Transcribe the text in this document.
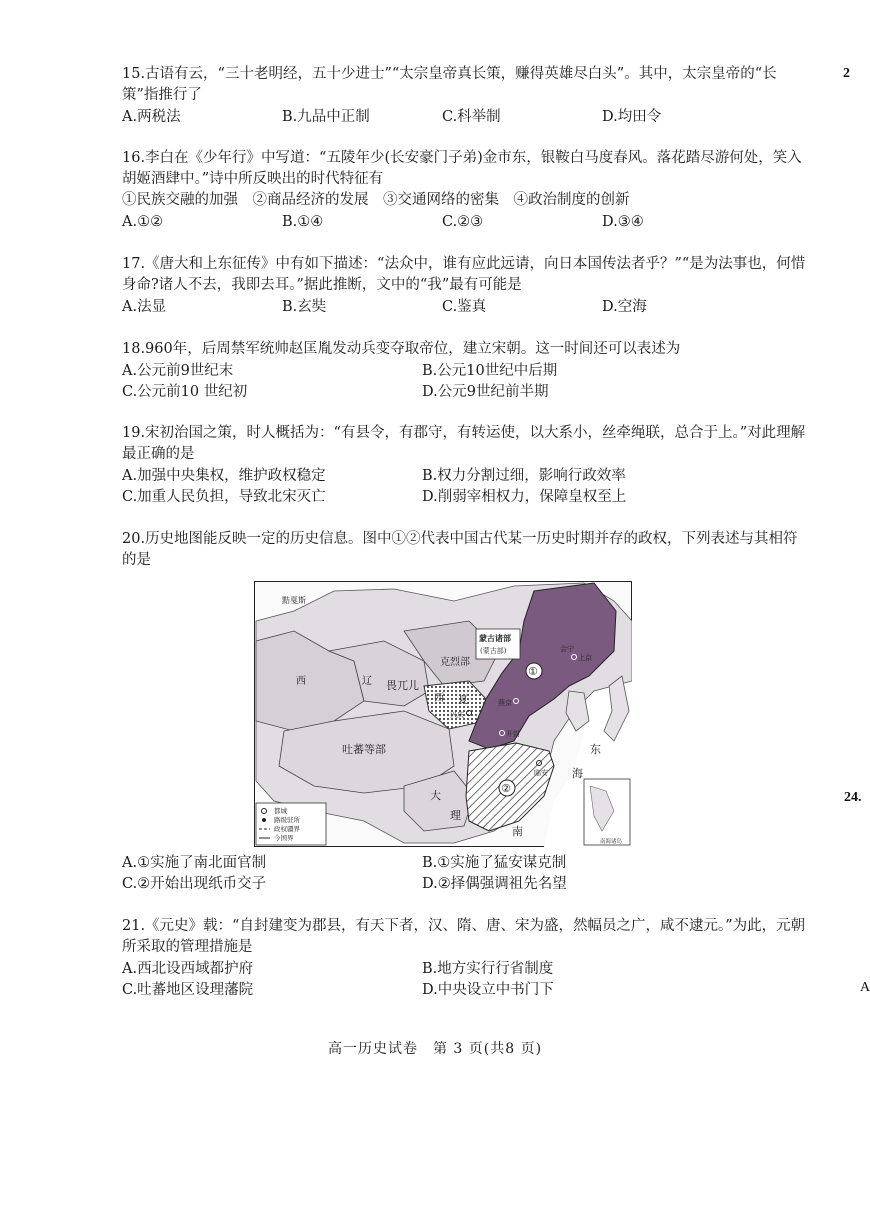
2
24.
A
15.古语有云，“三十老明经，五十少进士”“太宗皇帝真长策，赚得英雄尽白头”。其中，太宗皇帝的“长策”指推行了
A.两税法	B.九品中正制	C.科举制	D.均田令
16.李白在《少年行》中写道：“五陵年少(长安豪门子弟)金市东，银鞍白马度春风。落花踏尽游何处，笑入胡姬酒肆中。”诗中所反映出的时代特征有
①民族交融的加强　②商品经济的发展　③交通网络的密集　④政治制度的创新
A.①②	B.①④	C.②③	D.③④
17.《唐大和上东征传》中有如下描述：“法众中，谁有应此远请，向日本国传法者乎？”“是为法事也，何惜身命?诸人不去，我即去耳。”据此推断，文中的“我”最有可能是
A.法显	B.玄奘	C.鉴真	D.空海
18.960年，后周禁军统帅赵匡胤发动兵变夺取帝位，建立宋朝。这一时间还可以表述为
A.公元前9世纪末	B.公元10世纪中后期
C.公元前10 世纪初	D.公元9世纪前半期
19.宋初治国之策，时人概括为：“有县令，有郡守，有转运使，以大系小，丝牵绳联，总合于上。”对此理解最正确的是
A.加强中央集权，维护政权稳定	B.权力分割过细，影响行政效率
C.加重人民负担，导致北宋灭亡	D.削弱宰相权力，保障皇权至上
20.历史地图能反映一定的历史信息。图中①②代表中国古代某一历史时期并存的政权，下列表述与其相符的是
都城
路级驻所
政权疆界
今国界	南海诸岛
黠戛斯
蒙古诸部
(蒙古部)
克烈部
西	辽 畏兀儿
西 夏
吐蕃等部
大
理
南
东
海
①
②
会宁
上京
燕京
开封
兴庆
临安
A.①实施了南北面官制	B.①实施了猛安谋克制
C.②开始出现纸币交子	D.②择偶强调祖先名望
21.《元史》载：“自封建变为郡县，有天下者，汉、隋、唐、宋为盛，然幅员之广，咸不逮元。”为此，元朝所采取的管理措施是
A.西北设西域都护府	B.地方实行行省制度
C.吐蕃地区设理藩院	D.中央设立中书门下
高一历史试卷　第 3 页(共8 页)
